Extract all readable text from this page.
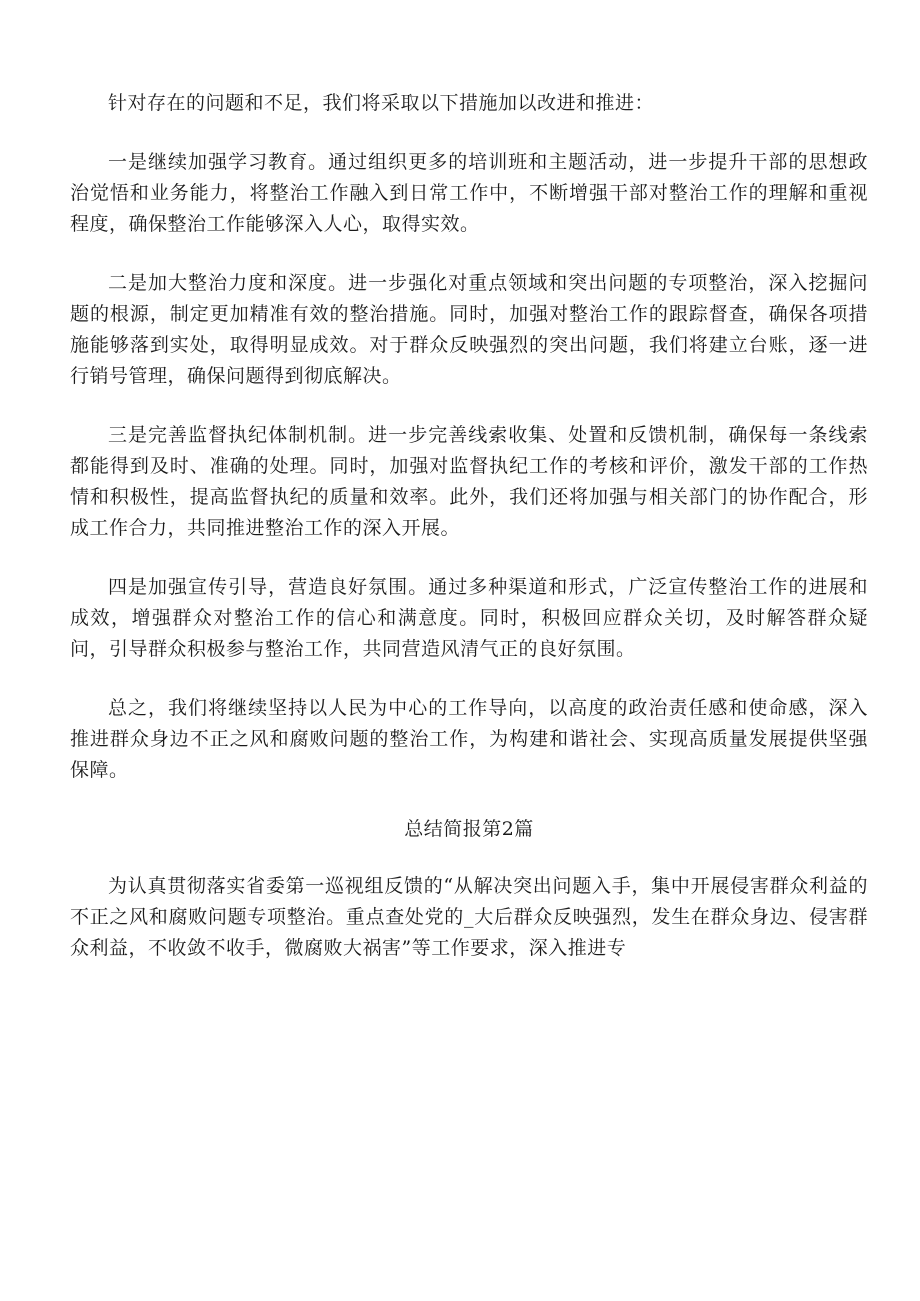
针对存在的问题和不足，我们将采取以下措施加以改进和推进：

一是继续加强学习教育。通过组织更多的培训班和主题活动，进一步提升干部的思想政治觉悟和业务能力，将整治工作融入到日常工作中，不断增强干部对整治工作的理解和重视程度，确保整治工作能够深入人心，取得实效。

二是加大整治力度和深度。进一步强化对重点领域和突出问题的专项整治，深入挖掘问题的根源，制定更加精准有效的整治措施。同时，加强对整治工作的跟踪督查，确保各项措施能够落到实处，取得明显成效。对于群众反映强烈的突出问题，我们将建立台账，逐一进行销号管理，确保问题得到彻底解决。

三是完善监督执纪体制机制。进一步完善线索收集、处置和反馈机制，确保每一条线索都能得到及时、准确的处理。同时，加强对监督执纪工作的考核和评价，激发干部的工作热情和积极性，提高监督执纪的质量和效率。此外，我们还将加强与相关部门的协作配合，形成工作合力，共同推进整治工作的深入开展。

四是加强宣传引导，营造良好氛围。通过多种渠道和形式，广泛宣传整治工作的进展和成效，增强群众对整治工作的信心和满意度。同时，积极回应群众关切，及时解答群众疑问，引导群众积极参与整治工作，共同营造风清气正的良好氛围。

总之，我们将继续坚持以人民为中心的工作导向，以高度的政治责任感和使命感，深入推进群众身边不正之风和腐败问题的整治工作，为构建和谐社会、实现高质量发展提供坚强保障。

总结简报第2篇

为认真贯彻落实省委第一巡视组反馈的“从解决突出问题入手，集中开展侵害群众利益的不正之风和腐败问题专项整治。重点查处党的_大后群众反映强烈，发生在群众身边、侵害群众利益，不收敛不收手，微腐败大祸害”等工作要求，深入推进专
